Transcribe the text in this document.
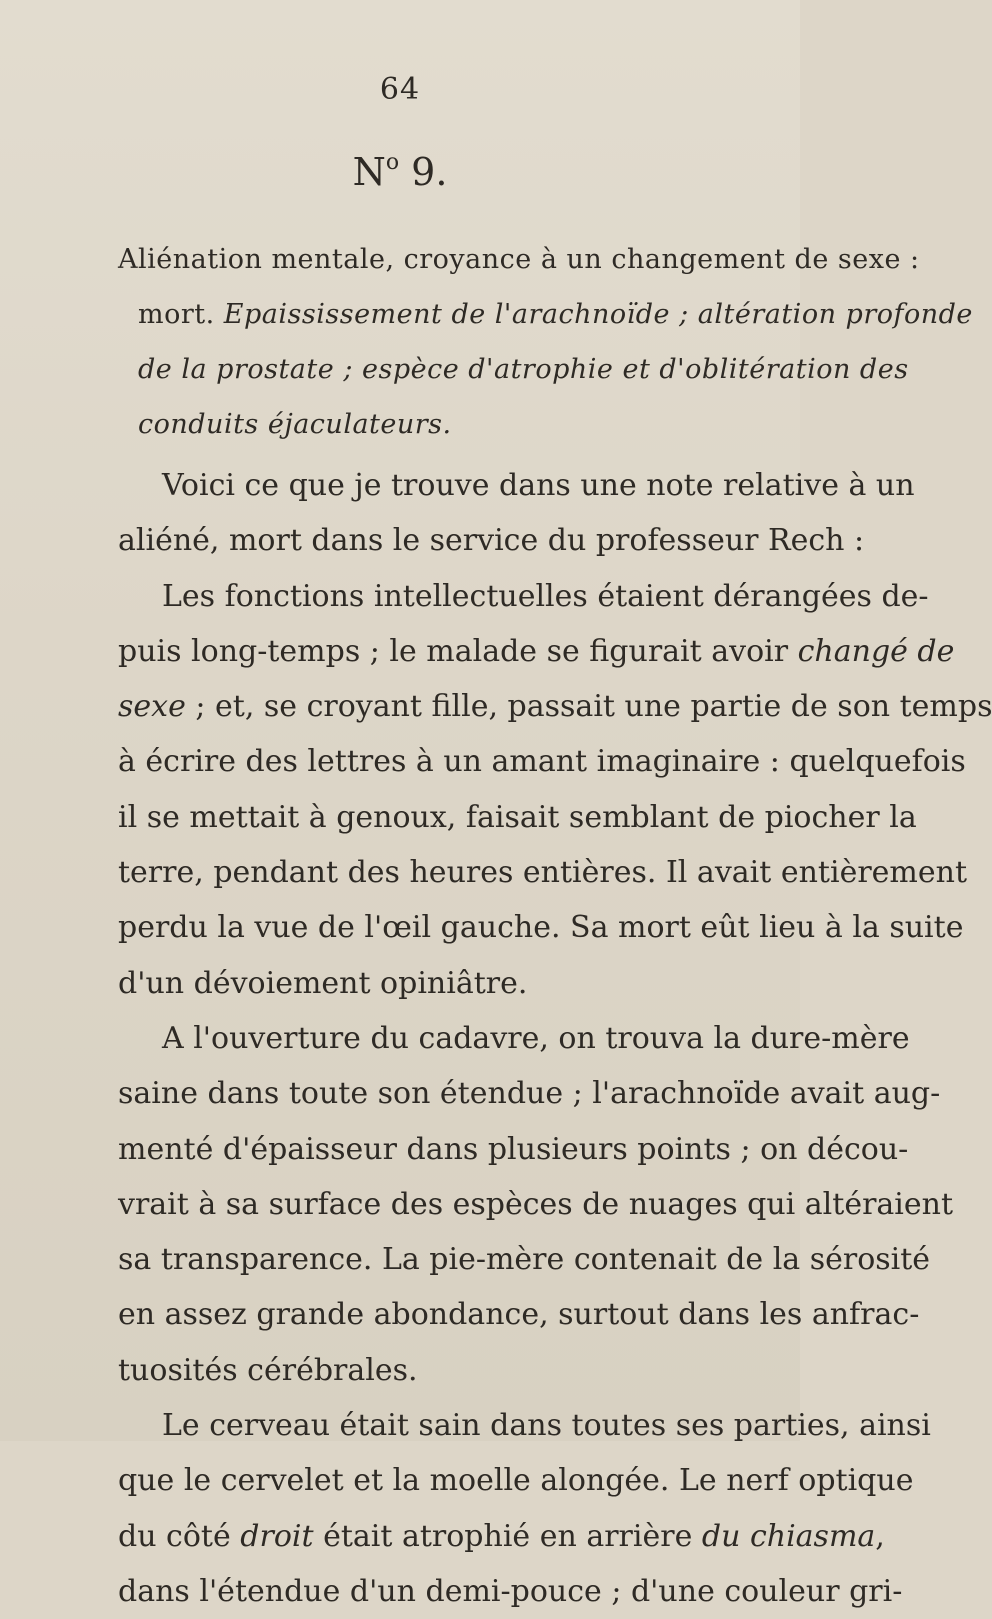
64
$N^o$ 9.
Aliénation mentale, croyance à un changement de sexe :
mort. Epaississement de l'arachnoïde ; altération profonde
de la prostate ; espèce d'atrophie et d'oblitération des
conduits éjaculateurs.
Voici ce que je trouve dans une note relative à un
aliéné, mort dans le service du professeur Rech :
Les fonctions intellectuelles étaient dérangées de-
puis long-temps ; le malade se figurait avoir changé de
sexe ; et, se croyant fille, passait une partie de son temps
à écrire des lettres à un amant imaginaire : quelquefois
il se mettait à genoux, faisait semblant de piocher la
terre, pendant des heures entières. Il avait entièrement
perdu la vue de l'œil gauche. Sa mort eût lieu à la suite
d'un dévoiement opiniâtre.
A l'ouverture du cadavre, on trouva la dure-mère
saine dans toute son étendue ; l'arachnoïde avait aug-
menté d'épaisseur dans plusieurs points ; on décou-
vrait à sa surface des espèces de nuages qui altéraient
sa transparence. La pie-mère contenait de la sérosité
en assez grande abondance, surtout dans les anfrac-
tuosités cérébrales.
Le cerveau était sain dans toutes ses parties, ainsi
que le cervelet et la moelle alongée. Le nerf optique
du côté droit était atrophié en arrière du chiasma,
dans l'étendue d'un demi-pouce ; d'une couleur gri-
